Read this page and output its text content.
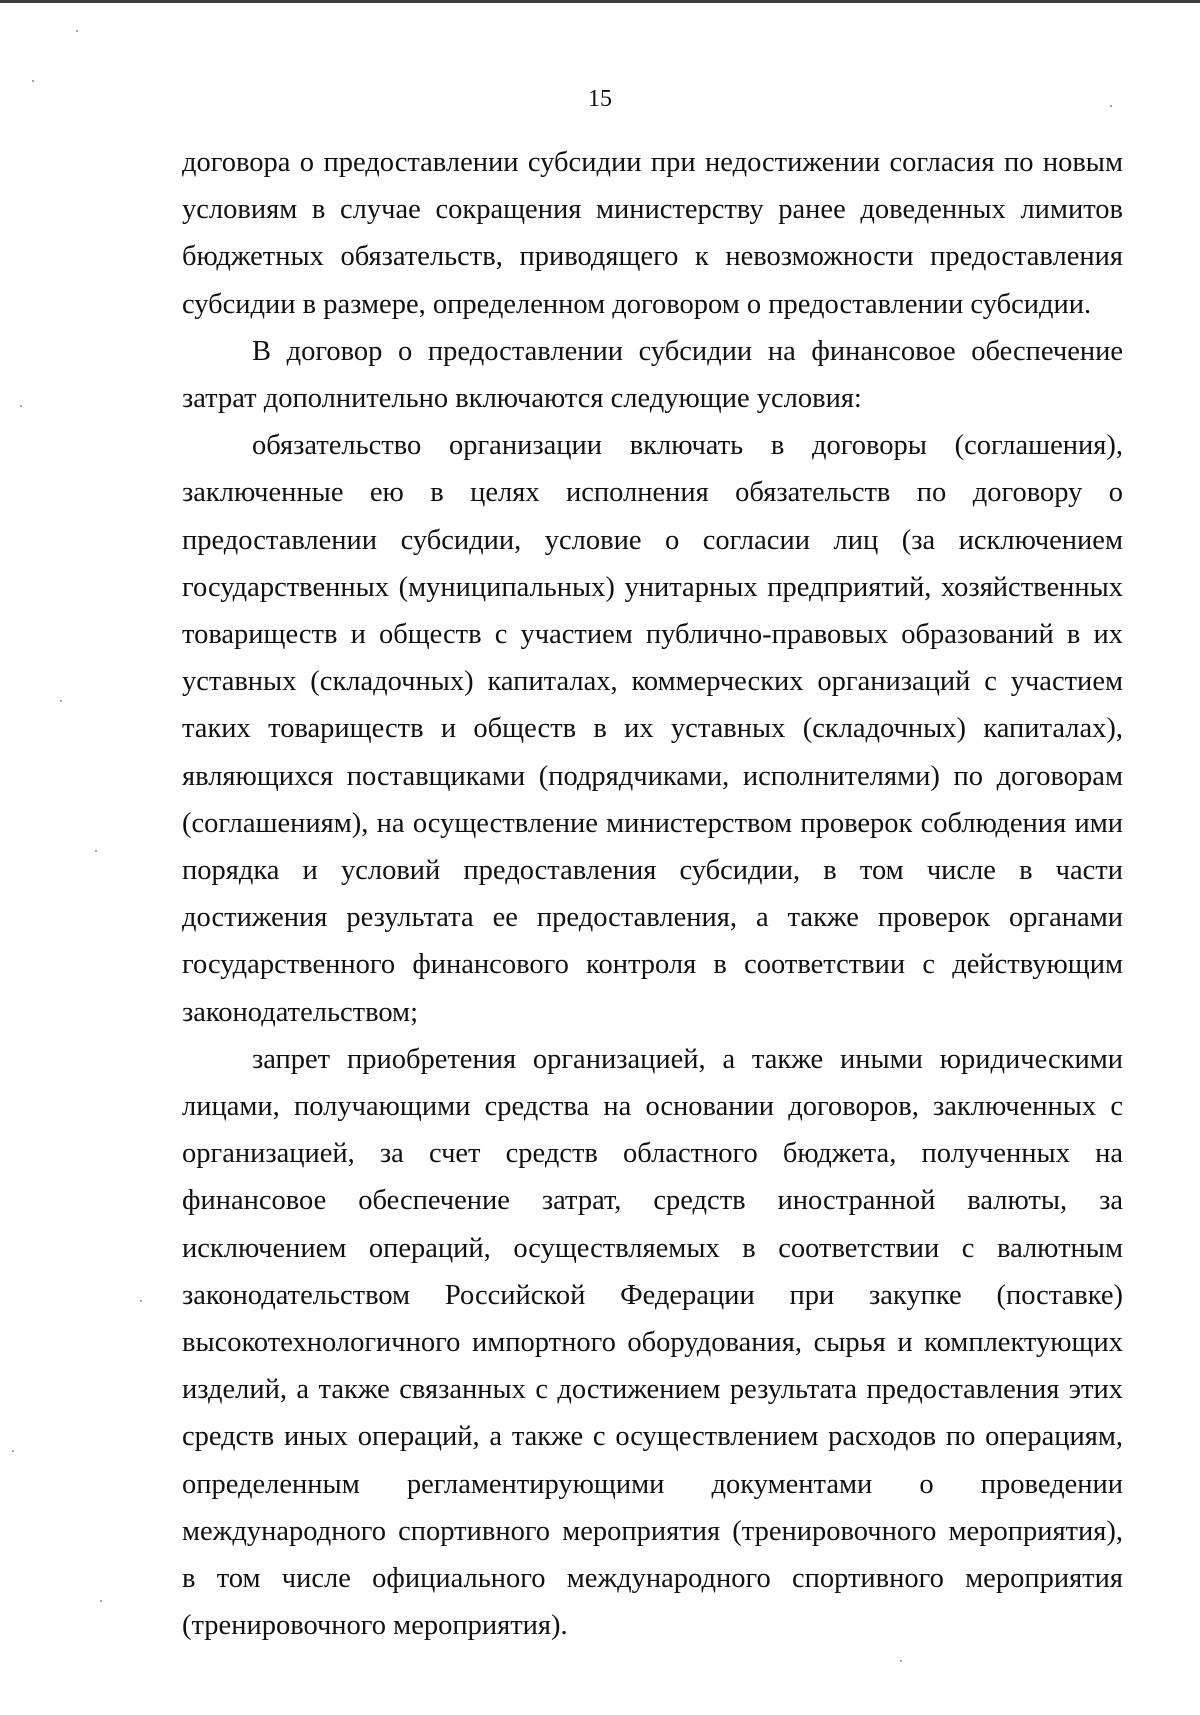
15

договора о предоставлении субсидии при недостижении согласия по новым условиям в случае сокращения министерству ранее доведенных лимитов бюджетных обязательств, приводящего к невозможности предоставления субсидии в размере, определенном договором о предоставлении субсидии.

В договор о предоставлении субсидии на финансовое обеспечение затрат дополнительно включаются следующие условия:

обязательство организации включать в договоры (соглашения), заключенные ею в целях исполнения обязательств по договору о предоставлении субсидии, условие о согласии лиц (за исключением государственных (муниципальных) унитарных предприятий, хозяйственных товариществ и обществ с участием публично-правовых образований в их уставных (складочных) капиталах, коммерческих организаций с участием таких товариществ и обществ в их уставных (складочных) капиталах), являющихся поставщиками (подрядчиками, исполнителями) по договорам (соглашениям), на осуществление министерством проверок соблюдения ими порядка и условий предоставления субсидии, в том числе в части достижения результата ее предоставления, а также проверок органами государственного финансового контроля в соответствии с действующим законодательством;

запрет приобретения организацией, а также иными юридическими лицами, получающими средства на основании договоров, заключенных с организацией, за счет средств областного бюджета, полученных на финансовое обеспечение затрат, средств иностранной валюты, за исключением операций, осуществляемых в соответствии с валютным законодательством Российской Федерации при закупке (поставке) высокотехнологичного импортного оборудования, сырья и комплектующих изделий, а также связанных с достижением результата предоставления этих средств иных операций, а также с осуществлением расходов по операциям, определенным регламентирующими документами о проведении международного спортивного мероприятия (тренировочного мероприятия), в том числе официального международного спортивного мероприятия (тренировочного мероприятия).
